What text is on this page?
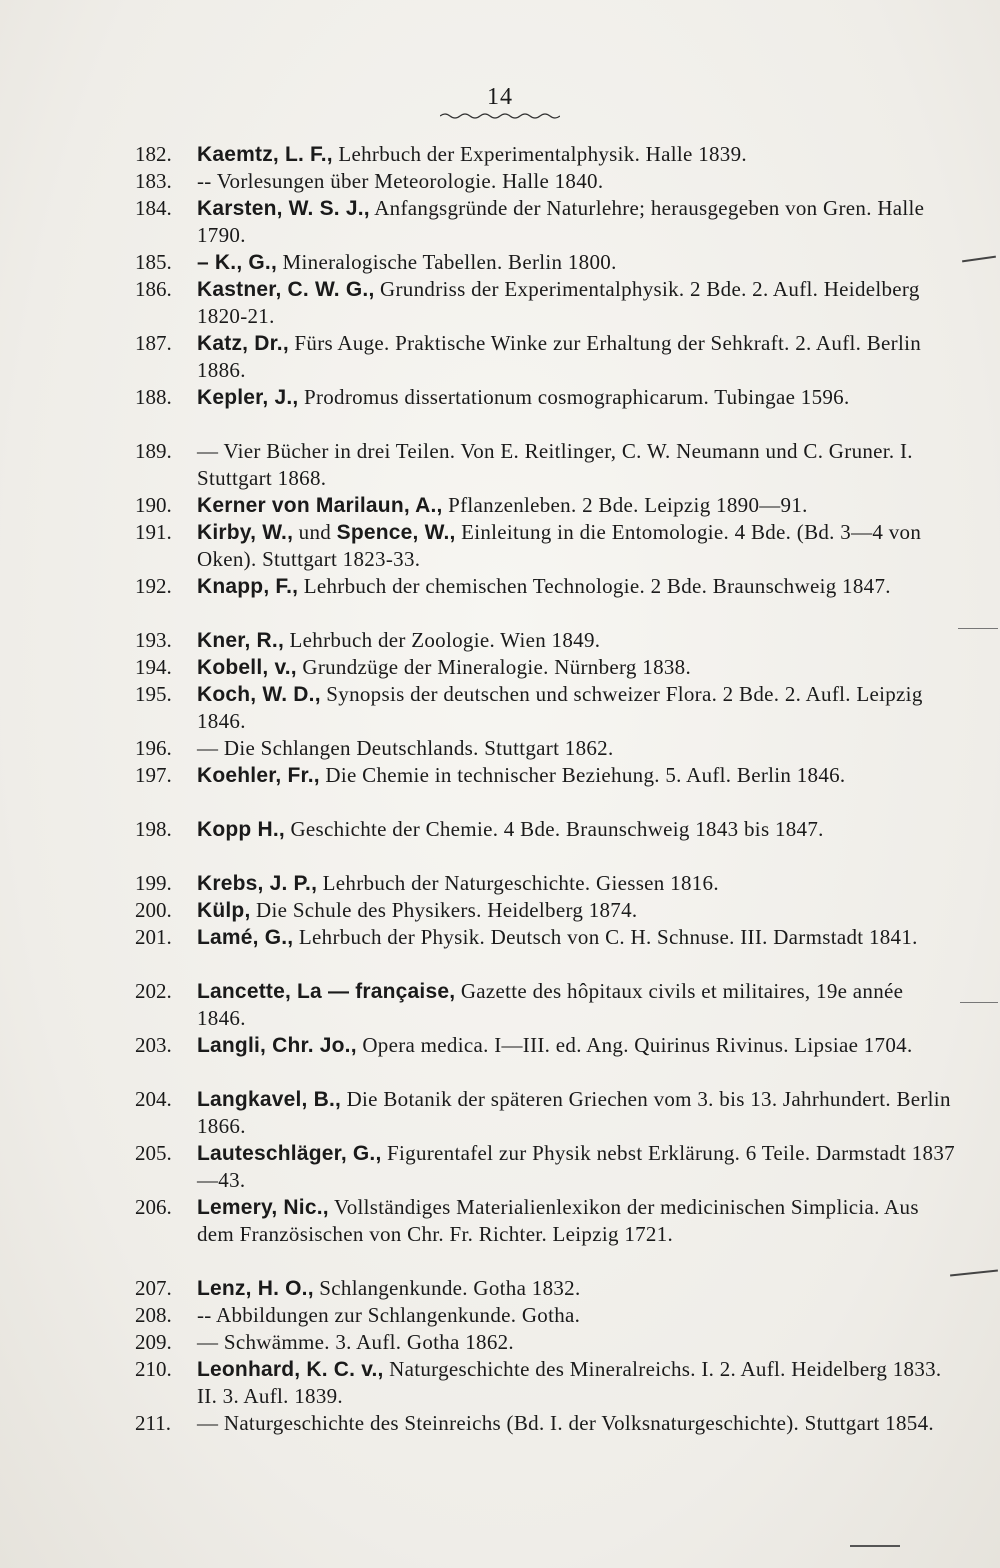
14
182.	Kaemtz, L. F., Lehrbuch der Experimentalphysik. Halle 1839.
183.	-- Vorlesungen über Meteorologie. Halle 1840.
184.	Karsten, W. S. J., Anfangsgründe der Naturlehre; herausgegeben von Gren. Halle 1790.
185.	– K., G., Mineralogische Tabellen. Berlin 1800.
186.	Kastner, C. W. G., Grundriss der Experimentalphysik. 2 Bde. 2. Aufl. Heidelberg 1820-21.
187.	Katz, Dr., Fürs Auge. Praktische Winke zur Erhaltung der Sehkraft. 2. Aufl. Berlin 1886.
188.	Kepler, J., Prodromus dissertationum cosmographicarum. Tubingae 1596.
189.	— Vier Bücher in drei Teilen. Von E. Reitlinger, C. W. Neumann und C. Gruner. I. Stuttgart 1868.
190.	Kerner von Marilaun, A., Pflanzenleben. 2 Bde. Leipzig 1890—91.
191.	Kirby, W., und Spence, W., Einleitung in die Entomologie. 4 Bde. (Bd. 3—4 von Oken). Stuttgart 1823-33.
192.	Knapp, F., Lehrbuch der chemischen Technologie. 2 Bde. Braunschweig 1847.
193.	Kner, R., Lehrbuch der Zoologie. Wien 1849.
194.	Kobell, v., Grundzüge der Mineralogie. Nürnberg 1838.
195.	Koch, W. D., Synopsis der deutschen und schweizer Flora. 2 Bde. 2. Aufl. Leipzig 1846.
196.	— Die Schlangen Deutschlands. Stuttgart 1862.
197.	Koehler, Fr., Die Chemie in technischer Beziehung. 5. Aufl. Berlin 1846.
198.	Kopp H., Geschichte der Chemie. 4 Bde. Braunschweig 1843 bis 1847.
199.	Krebs, J. P., Lehrbuch der Naturgeschichte. Giessen 1816.
200.	Külp, Die Schule des Physikers. Heidelberg 1874.
201.	Lamé, G., Lehrbuch der Physik. Deutsch von C. H. Schnuse. III. Darmstadt 1841.
202.	Lancette, La — française, Gazette des hôpitaux civils et militaires, 19e année 1846.
203.	Langli, Chr. Jo., Opera medica. I—III. ed. Ang. Quirinus Rivinus. Lipsiae 1704.
204.	Langkavel, B., Die Botanik der späteren Griechen vom 3. bis 13. Jahrhundert. Berlin 1866.
205.	Lauteschläger, G., Figurentafel zur Physik nebst Erklärung. 6 Teile. Darmstadt 1837—43.
206.	Lemery, Nic., Vollständiges Materialienlexikon der medicinischen Simplicia. Aus dem Französischen von Chr. Fr. Richter. Leipzig 1721.
207.	Lenz, H. O., Schlangenkunde. Gotha 1832.
208.	-- Abbildungen zur Schlangenkunde. Gotha.
209.	— Schwämme. 3. Aufl. Gotha 1862.
210.	Leonhard, K. C. v., Naturgeschichte des Mineralreichs. I. 2. Aufl. Heidelberg 1833. II. 3. Aufl. 1839.
211.	— Naturgeschichte des Steinreichs (Bd. I. der Volksnaturgeschichte). Stuttgart 1854.
